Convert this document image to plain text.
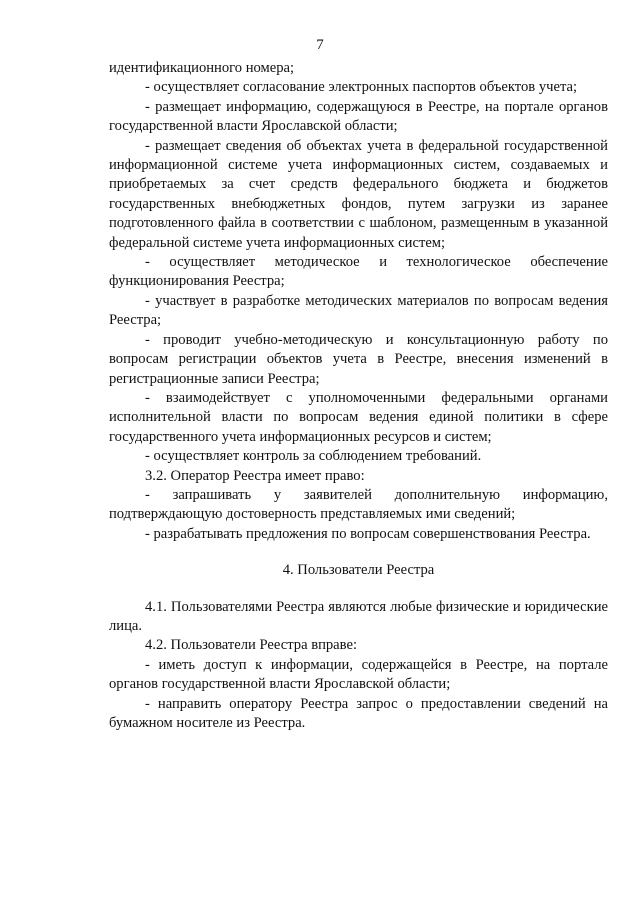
7

идентификационного номера;

- осуществляет согласование электронных паспортов объектов учета;

- размещает информацию, содержащуюся в Реестре, на портале органов государственной власти Ярославской области;

- размещает сведения об объектах учета в федеральной государственной информационной системе учета информационных систем, создаваемых и приобретаемых за счет средств федерального бюджета и бюджетов государственных внебюджетных фондов, путем загрузки из заранее подготовленного файла в соответствии с шаблоном, размещенным в указанной федеральной системе учета информационных систем;

- осуществляет методическое и технологическое обеспечение функционирования Реестра;

- участвует в разработке методических материалов по вопросам ведения Реестра;

- проводит учебно-методическую и консультационную работу по вопросам регистрации объектов учета в Реестре, внесения изменений в регистрационные записи Реестра;

- взаимодействует с уполномоченными федеральными органами исполнительной власти по вопросам ведения единой политики в сфере государственного учета информационных ресурсов и систем;

- осуществляет контроль за соблюдением требований.

3.2. Оператор Реестра имеет право:

- запрашивать у заявителей дополнительную информацию, подтверждающую достоверность представляемых ими сведений;

- разрабатывать предложения по вопросам совершенствования Реестра.

4. Пользователи Реестра

4.1. Пользователями Реестра являются любые физические и юридические лица.

4.2. Пользователи Реестра вправе:

- иметь доступ к информации, содержащейся в Реестре, на портале органов государственной власти Ярославской области;

- направить оператору Реестра запрос о предоставлении сведений на бумажном носителе из Реестра.
